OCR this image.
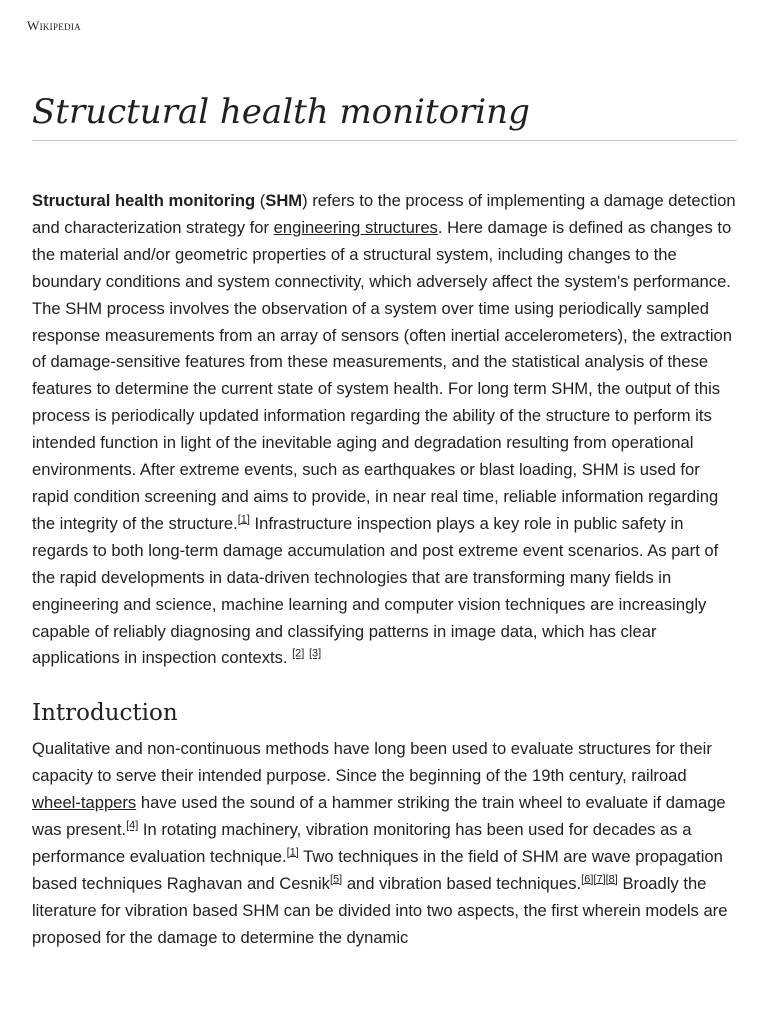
Wikipedia
Structural health monitoring

Structural health monitoring (SHM) refers to the process of implementing a damage detection and characterization strategy for engineering structures. Here damage is defined as changes to the material and/or geometric properties of a structural system, including changes to the boundary conditions and system connectivity, which adversely affect the system's performance. The SHM process involves the observation of a system over time using periodically sampled response measurements from an array of sensors (often inertial accelerometers), the extraction of damage-sensitive features from these measurements, and the statistical analysis of these features to determine the current state of system health. For long term SHM, the output of this process is periodically updated information regarding the ability of the structure to perform its intended function in light of the inevitable aging and degradation resulting from operational environments. After extreme events, such as earthquakes or blast loading, SHM is used for rapid condition screening and aims to provide, in near real time, reliable information regarding the integrity of the structure.[1] Infrastructure inspection plays a key role in public safety in regards to both long-term damage accumulation and post extreme event scenarios. As part of the rapid developments in data-driven technologies that are transforming many fields in engineering and science, machine learning and computer vision techniques are increasingly capable of reliably diagnosing and classifying patterns in image data, which has clear applications in inspection contexts. [2] [3]

Introduction

Qualitative and non-continuous methods have long been used to evaluate structures for their capacity to serve their intended purpose. Since the beginning of the 19th century, railroad wheel-tappers have used the sound of a hammer striking the train wheel to evaluate if damage was present.[4] In rotating machinery, vibration monitoring has been used for decades as a performance evaluation technique.[1] Two techniques in the field of SHM are wave propagation based techniques Raghavan and Cesnik[5] and vibration based techniques.[6][7][8] Broadly the literature for vibration based SHM can be divided into two aspects, the first wherein models are proposed for the damage to determine the dynamic
